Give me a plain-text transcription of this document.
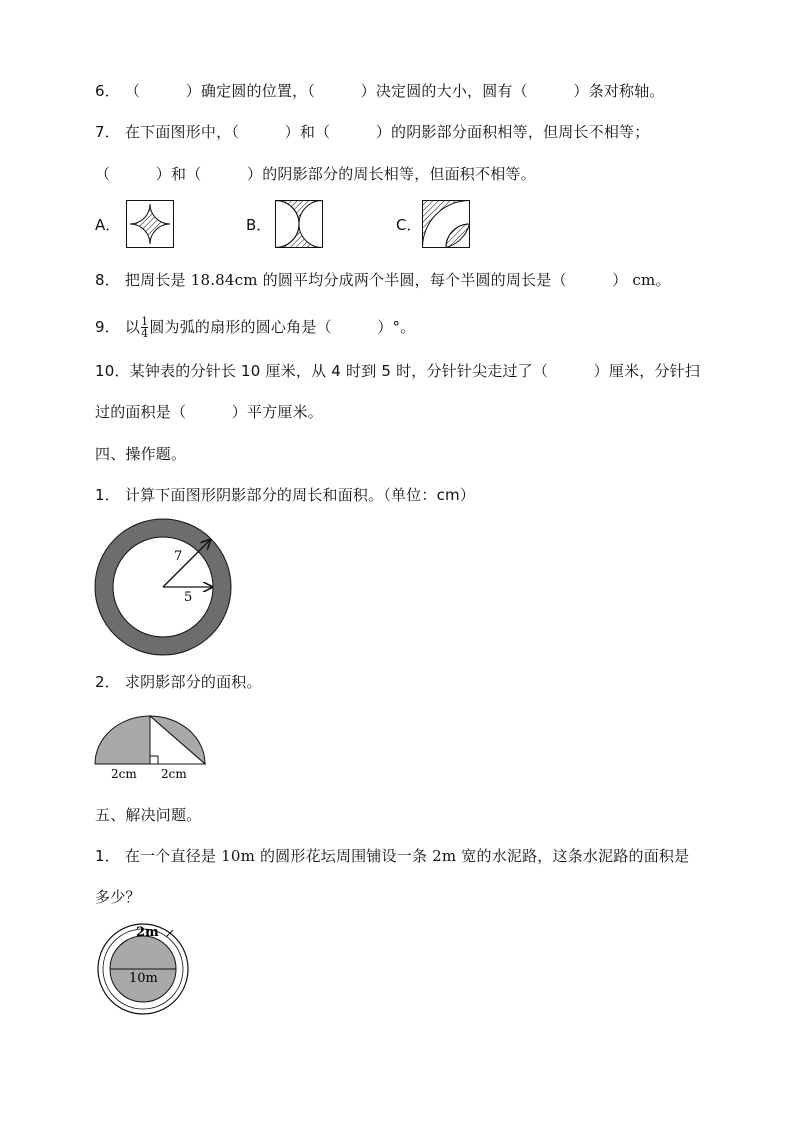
6． （　　　）确定圆的位置，（　　　）决定圆的大小，圆有（　　　）条对称轴。
7． 在下面图形中，（　　　）和（　　　）的阴影部分面积相等，但周长不相等；
（　　　）和（　　　）的阴影部分的周长相等，但面积不相等。
A．	B．	C．
8． 把周长是 18.84cm 的圆平均分成两个半圆，每个半圆的周长是（　　　） cm。
9． 以 $\frac{1}{4}$ 圆为弧的扇形的圆心角是（　　　）°。
10．某钟表的分针长 10 厘米，从 4 时到 5 时，分针针尖走过了（　　　）厘米，分针扫
过的面积是（　　　）平方厘米。
四、操作题。
1． 计算下面图形阴影部分的周长和面积。（单位：cm）
7
5
2． 求阴影部分的面积。
2cm 2cm
五、解决问题。
1． 在一个直径是 10m 的圆形花坛周围铺设一条 2m 宽的水泥路，这条水泥路的面积是
多少？
2m
10m
